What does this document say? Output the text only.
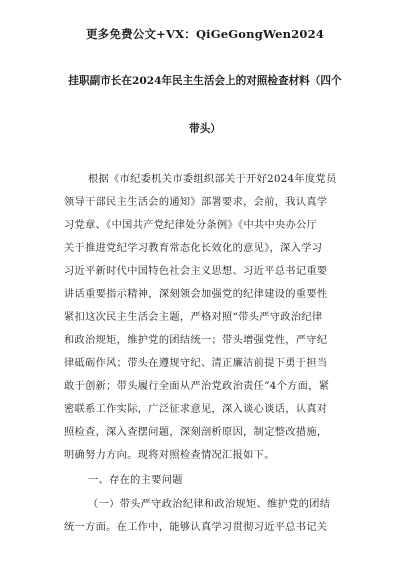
更多免费公文+VX：QiGeGongWen2024
挂职副市长在2024年民主生活会上的对照检查材料（四个
带头）
根据《市纪委机关市委组织部关于开好2024年度党员
领导干部民主生活会的通知》部署要求，会前，我认真学
习党章、《中国共产党纪律处分条例》《中共中央办公厅
关于推进党纪学习教育常态化长效化的意见》，深入学习
习近平新时代中国特色社会主义思想、习近平总书记重要
讲话重要指示精神，深刻领会加强党的纪律建设的重要性
紧扣这次民主生活会主题，严格对照“带头严守政治纪律
和政治规矩，维护党的团结统一；带头增强党性，严守纪
律砥砺作风；带头在遵规守纪、清正廉洁前提下勇于担当
敢于创新；带头履行全面从严治党政治责任”4个方面，紧
密联系工作实际，广泛征求意见，深入谈心谈话，认真对
照检查，深入查摆问题，深刻剖析原因，制定整改措施，
明确努力方向。现将对照检查情况汇报如下。
一、存在的主要问题
（一）带头严守政治纪律和政治规矩、维护党的团结
统一方面。在工作中，能够认真学习贯彻习近平总书记关
